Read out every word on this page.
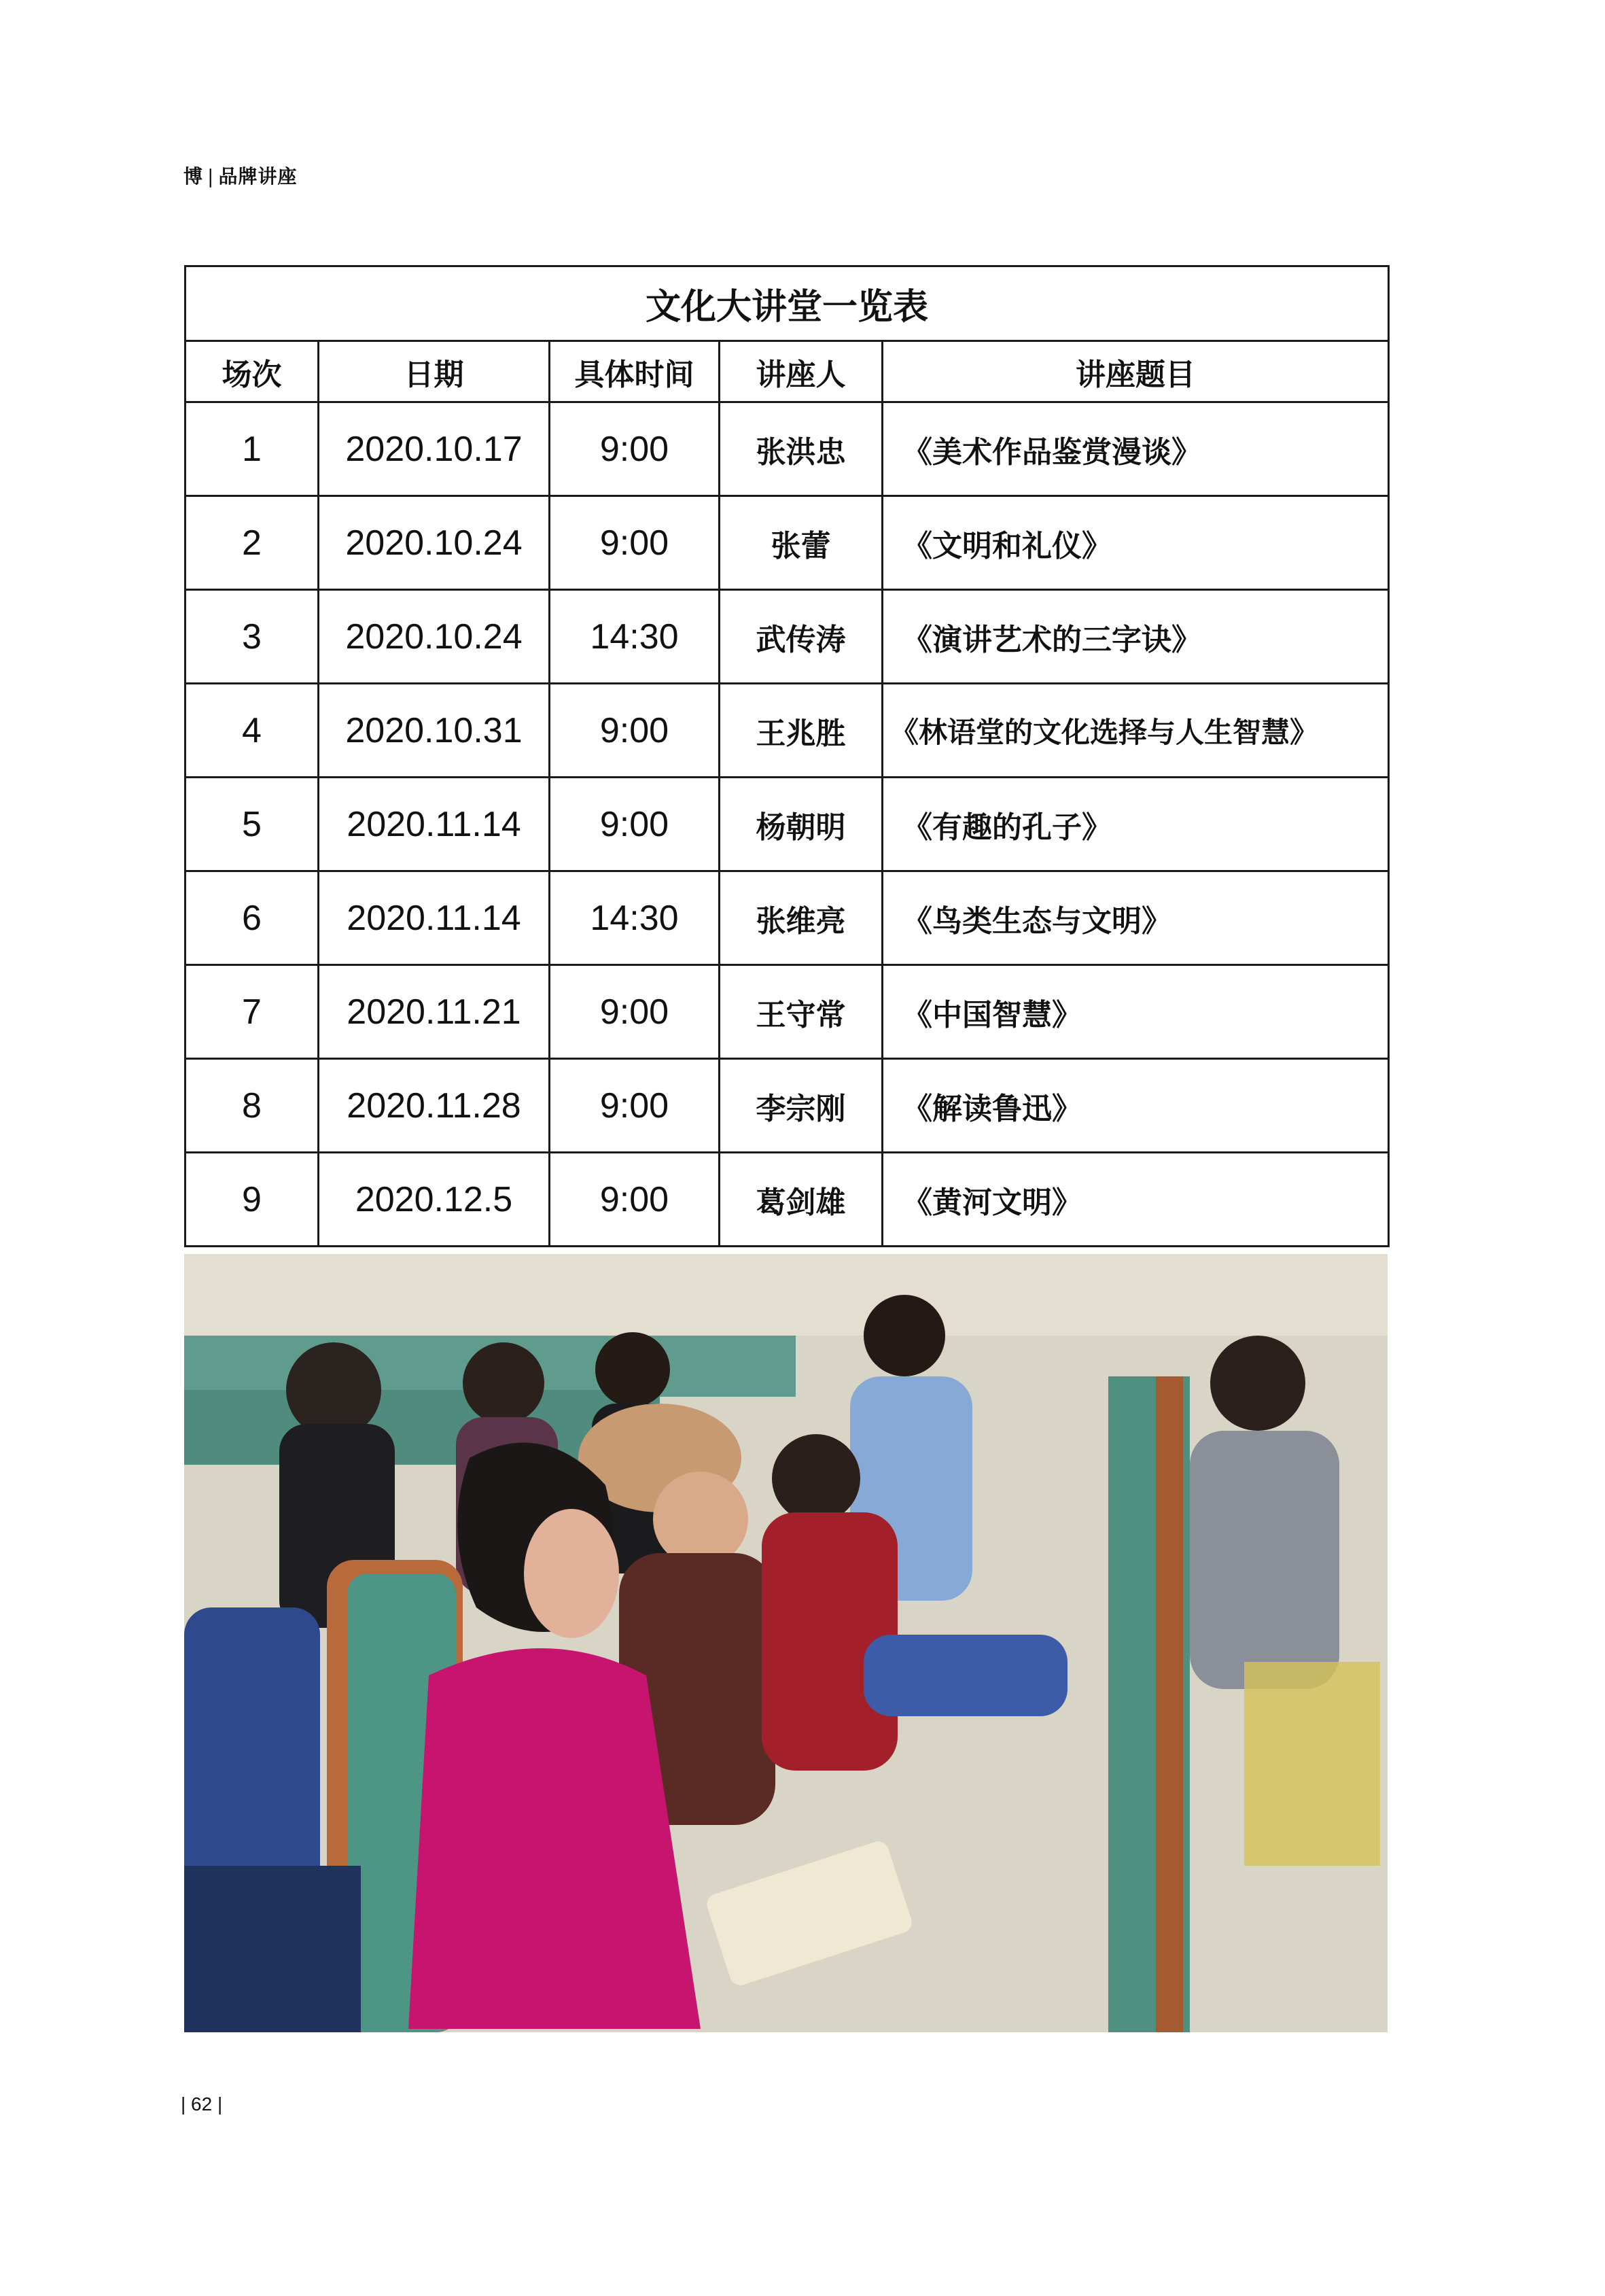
博 | 品牌讲座
文化大讲堂一览表				
场次	日期	具体时间	讲座人	讲座题目
1	2020.10.17	9:00	张洪忠	《美术作品鉴赏漫谈》
2	2020.10.24	9:00	张蕾	《文明和礼仪》
3	2020.10.24	14:30	武传涛	《演讲艺术的三字诀》
4	2020.10.31	9:00	王兆胜	《林语堂的文化选择与人生智慧》
5	2020.11.14	9:00	杨朝明	《有趣的孔子》
6	2020.11.14	14:30	张维亮	《鸟类生态与文明》
7	2020.11.21	9:00	王守常	《中国智慧》
8	2020.11.28	9:00	李宗刚	《解读鲁迅》
9	2020.12.5	9:00	葛剑雄	《黄河文明》
| 62 |
